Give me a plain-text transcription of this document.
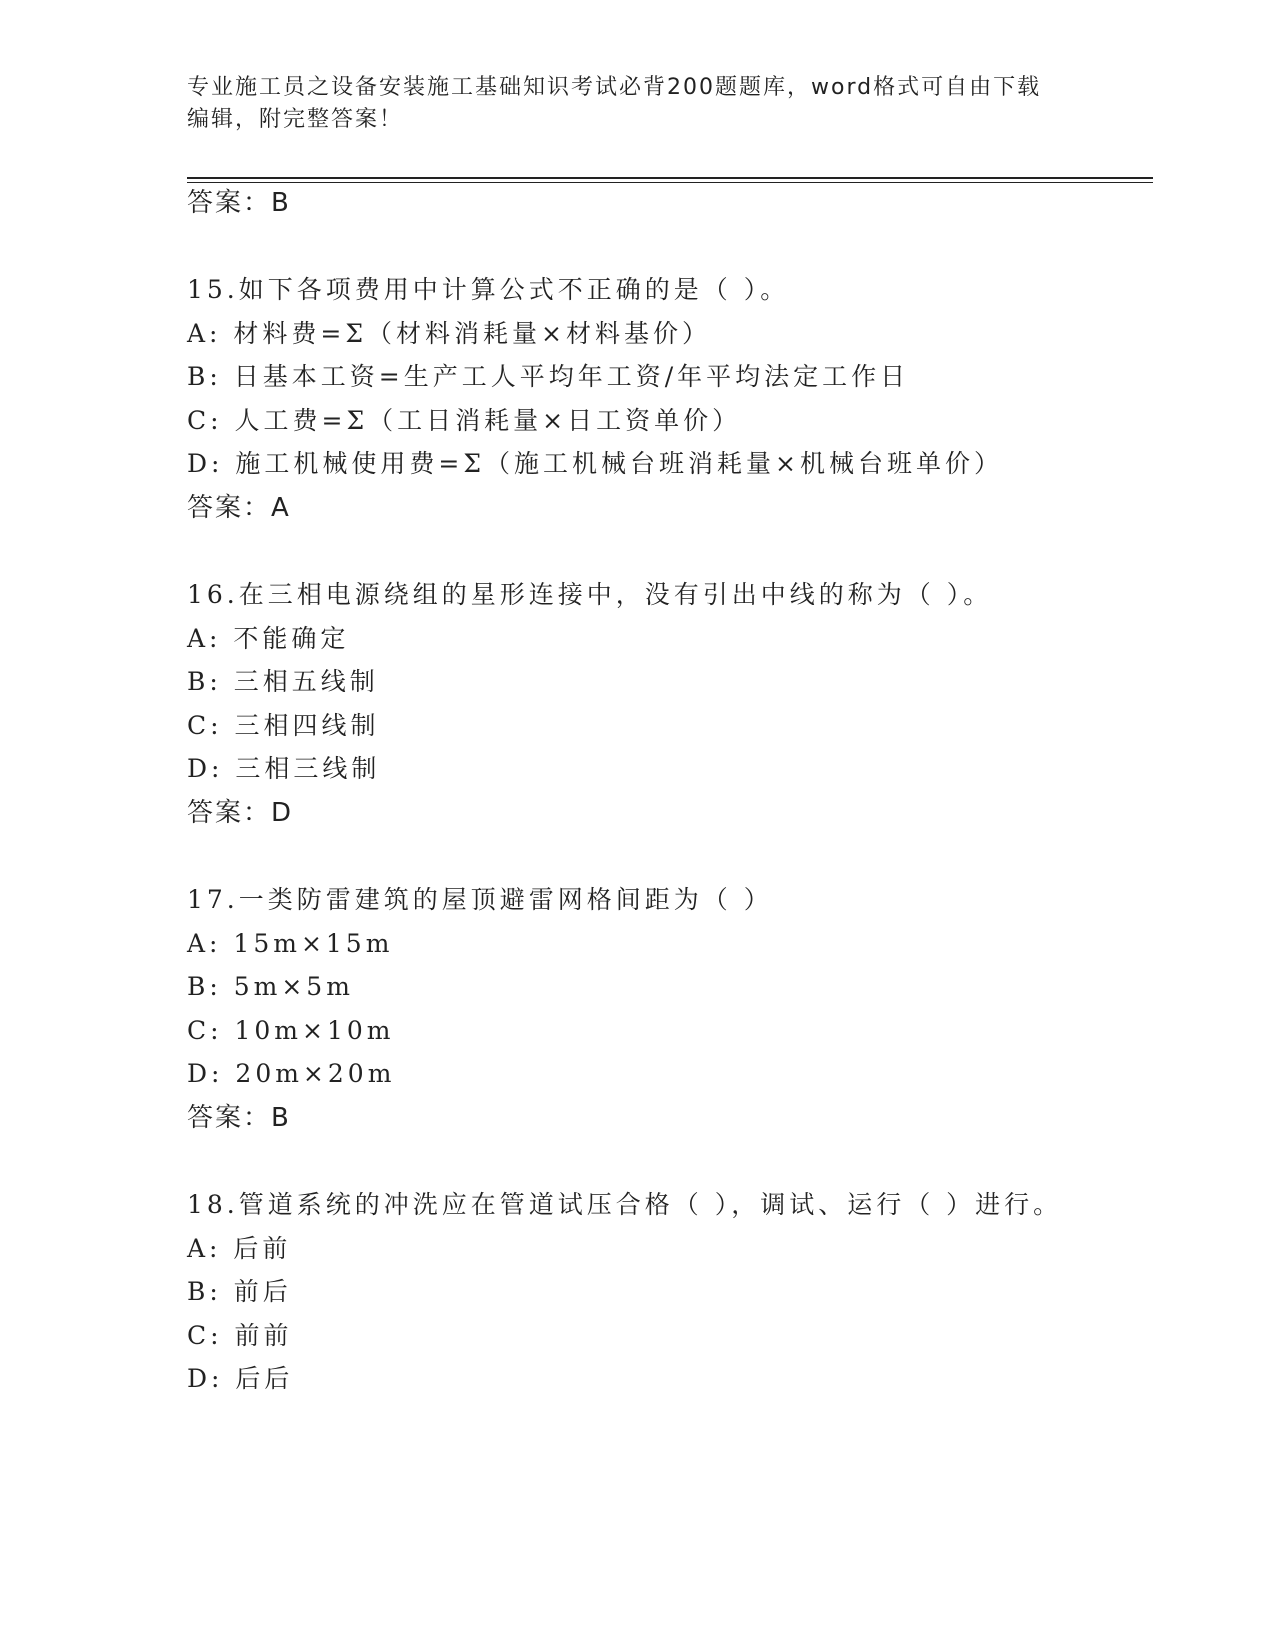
专业施工员之设备安装施工基础知识考试必背200题题库，word格式可自由下载
编辑，附完整答案！
答案：B
15.如下各项费用中计算公式不正确的是（ ）。
A: 材料费=Σ（材料消耗量×材料基价）
B: 日基本工资=生产工人平均年工资/年平均法定工作日
C: 人工费=Σ（工日消耗量×日工资单价）
D: 施工机械使用费=Σ（施工机械台班消耗量×机械台班单价）
答案：A
16.在三相电源绕组的星形连接中，没有引出中线的称为（ ）。
A: 不能确定
B: 三相五线制
C: 三相四线制
D: 三相三线制
答案：D
17.一类防雷建筑的屋顶避雷网格间距为（ ）
A: 15m×15m
B: 5m×5m
C: 10m×10m
D: 20m×20m
答案：B
18.管道系统的冲洗应在管道试压合格（ ），调试、运行（ ）进行。
A: 后前
B: 前后
C: 前前
D: 后后
